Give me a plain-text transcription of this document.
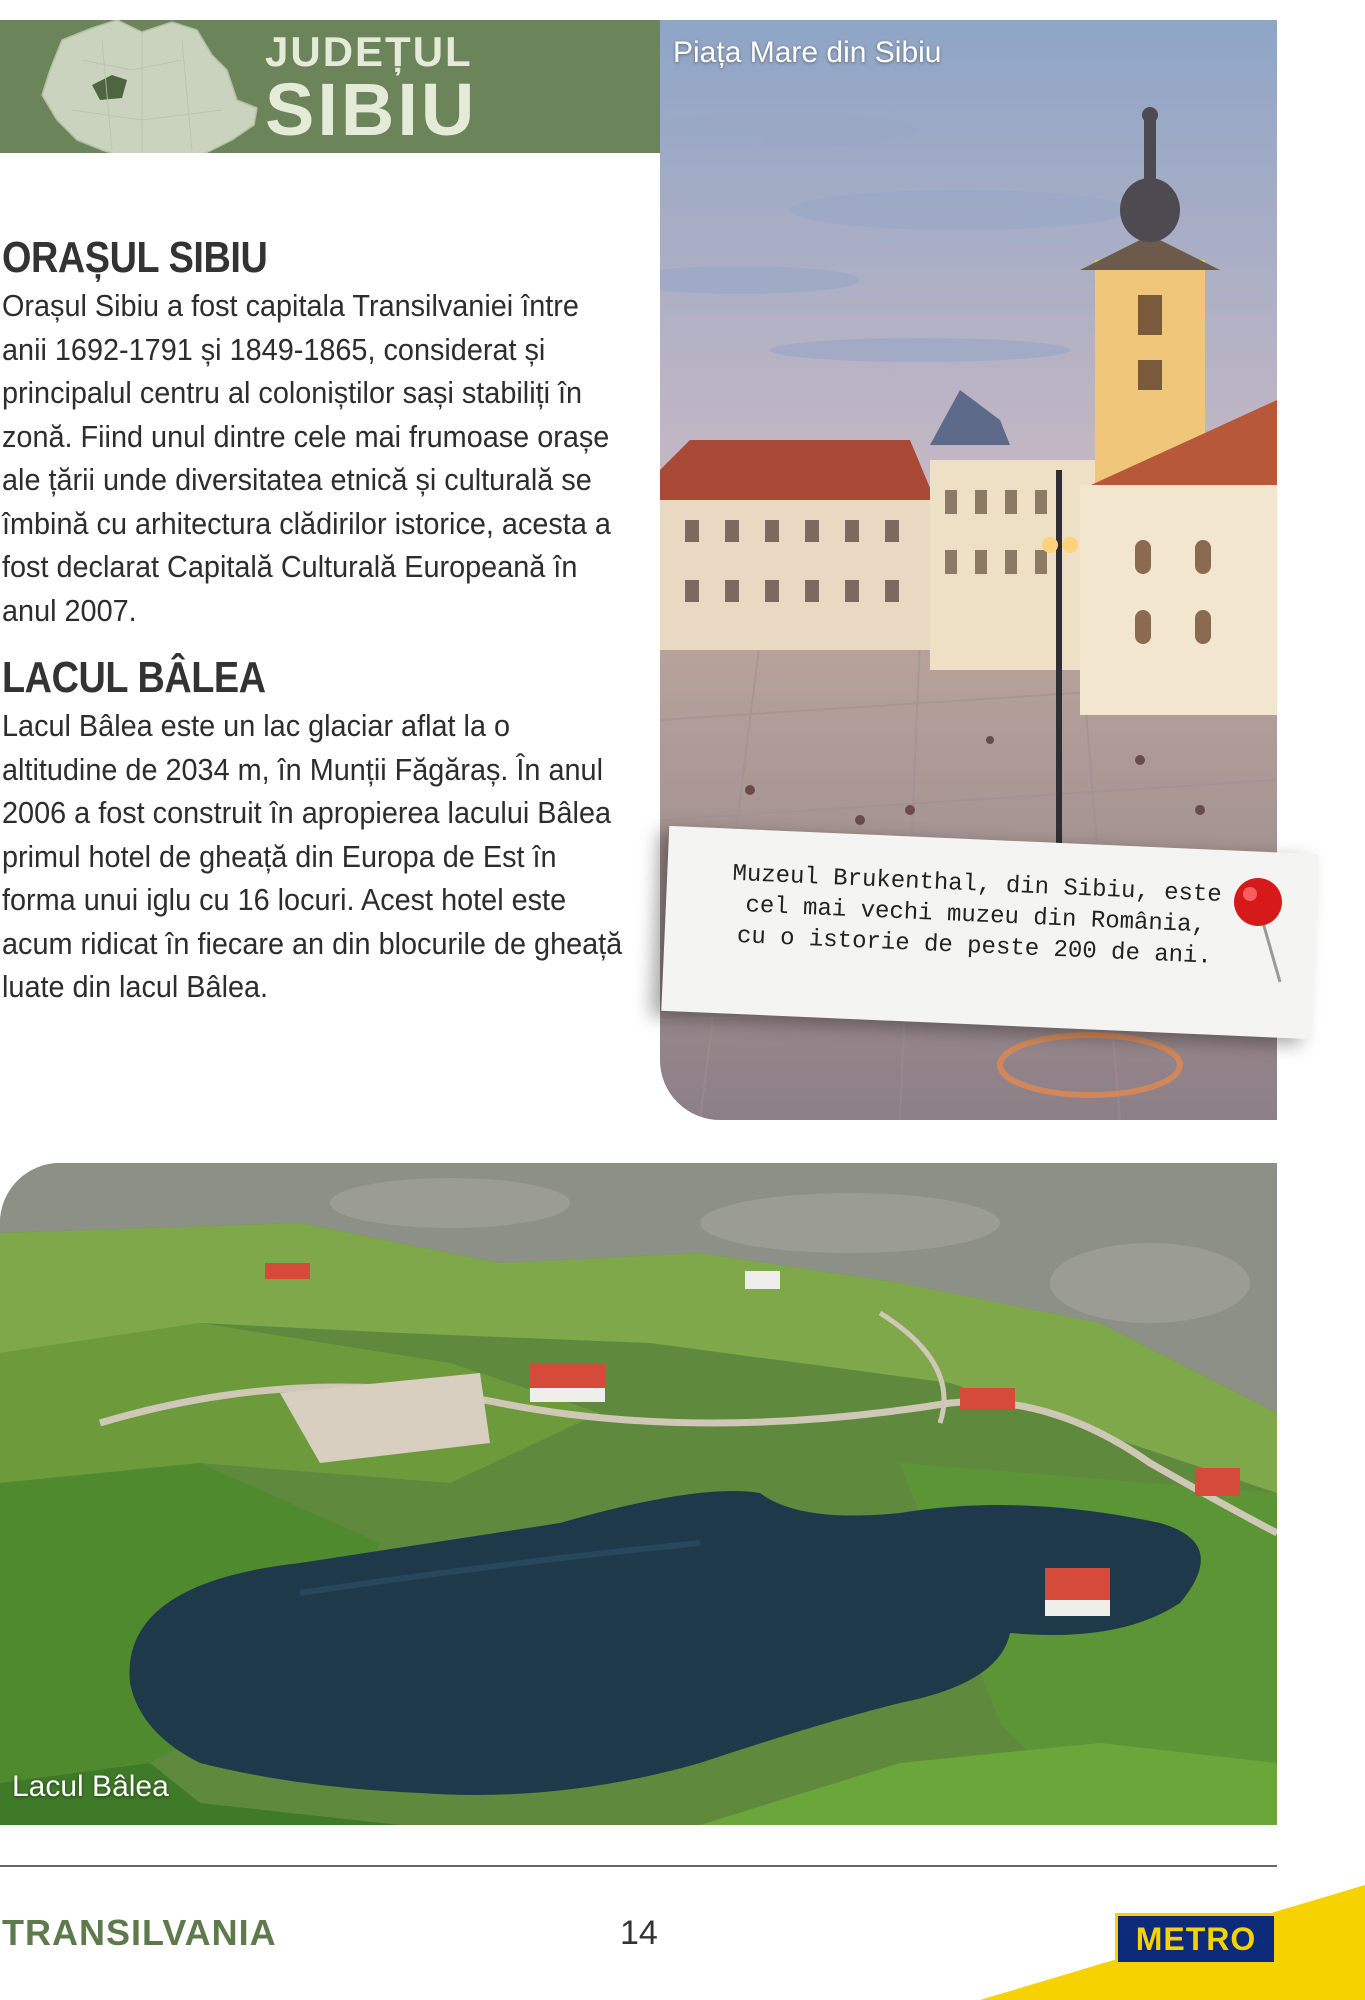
JUDEȚUL
SIBIU
ORAȘUL SIBIU

Orașul Sibiu a fost capitala Transilvaniei între anii 1692-1791 și 1849-1865, considerat și principalul centru al coloniștilor sași stabiliți în zonă. Fiind unul dintre cele mai frumoase orașe ale țării unde diversitatea etnică și culturală se îmbină cu arhitectura clădirilor istorice, acesta a fost declarat Capitală Culturală Europeană în anul 2007.

LACUL BÂLEA

Lacul Bâlea este un lac glaciar aflat la o altitudine de 2034 m, în Munții Făgăraș. În anul 2006 a fost construit în apropierea lacului Bâlea primul hotel de gheață din Europa de Est în forma unui iglu cu 16 locuri. Acest hotel este acum ridicat în fiecare an din blocurile de gheață luate din lacul Bâlea.

Piața Mare din Sibiu
Muzeul Brukenthal, din Sibiu, este
cel mai vechi muzeu din România,
cu o istorie de peste 200 de ani.
Lacul Bâlea
TRANSILVANIA	14	METRO
